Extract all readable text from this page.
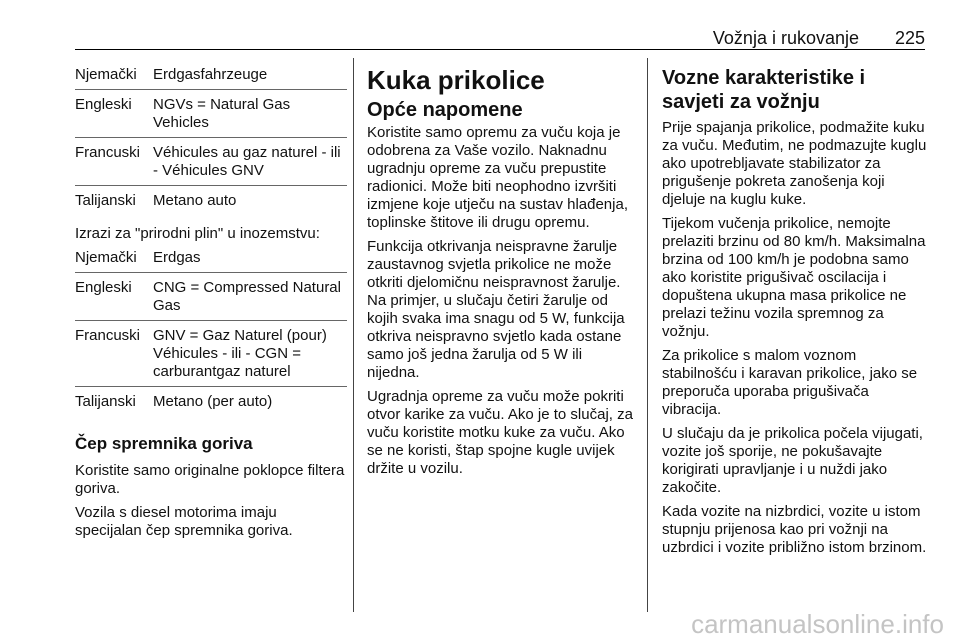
Vožnja i rukovanje 225
Njemački	Erdgasfahrzeuge
Engleski	NGVs = Natural Gas Vehicles
Francuski Véhicules au gaz naturel - ili - Véhicules GNV
Talijanski	Metano auto

Izrazi za "prirodni plin" u inozemstvu:

Njemački	Erdgas
Engleski	CNG = Compressed Natural Gas
Francuski GNV = Gaz Naturel (pour) Véhicules - ili - CGN = carburantgaz naturel
Talijanski	Metano (per auto)
Čep spremnika goriva

Koristite samo originalne poklopce filtera goriva.

Vozila s diesel motorima imaju specijalan čep spremnika goriva.

Kuka prikolice
Opće napomene

Koristite samo opremu za vuču koja je odobrena za Vaše vozilo. Naknadnu ugradnju opreme za vuču prepustite radionici. Može biti neophodno izvršiti izmjene koje utječu na sustav hlađenja, toplinske štitove ili drugu opremu.

Funkcija otkrivanja neispravne žarulje zaustavnog svjetla prikolice ne može otkriti djelomičnu neispravnost žarulje. Na primjer, u slučaju četiri žarulje od kojih svaka ima snagu od 5 W, funkcija otkriva neispravno svjetlo kada ostane samo još jedna žarulja od 5 W ili nijedna.

Ugradnja opreme za vuču može pokriti otvor karike za vuču. Ako je to slučaj, za vuču koristite motku kuke za vuču. Ako se ne koristi, štap spojne kugle uvijek držite u vozilu.

Vozne karakteristike i savjeti za vožnju

Prije spajanja prikolice, podmažite kuku za vuču. Međutim, ne podmazujte kuglu ako upotrebljavate stabilizator za prigušenje pokreta zanošenja koji djeluje na kuglu kuke.

Tijekom vučenja prikolice, nemojte prelaziti brzinu od 80 km/h. Maksimalna brzina od 100 km/h je podobna samo ako koristite prigušivač oscilacija i dopuštena ukupna masa prikolice ne prelazi težinu vozila spremnog za vožnju.

Za prikolice s malom voznom stabilnošću i karavan prikolice, jako se preporuča uporaba prigušivača vibracija.

U slučaju da je prikolica počela vijugati, vozite još sporije, ne pokušavajte korigirati upravljanje i u nuždi jako zakočite.

Kada vozite na nizbrdici, vozite u istom stupnju prijenosa kao pri vožnji na uzbrdici i vozite približno istom brzinom.

carmanualsonline.info
